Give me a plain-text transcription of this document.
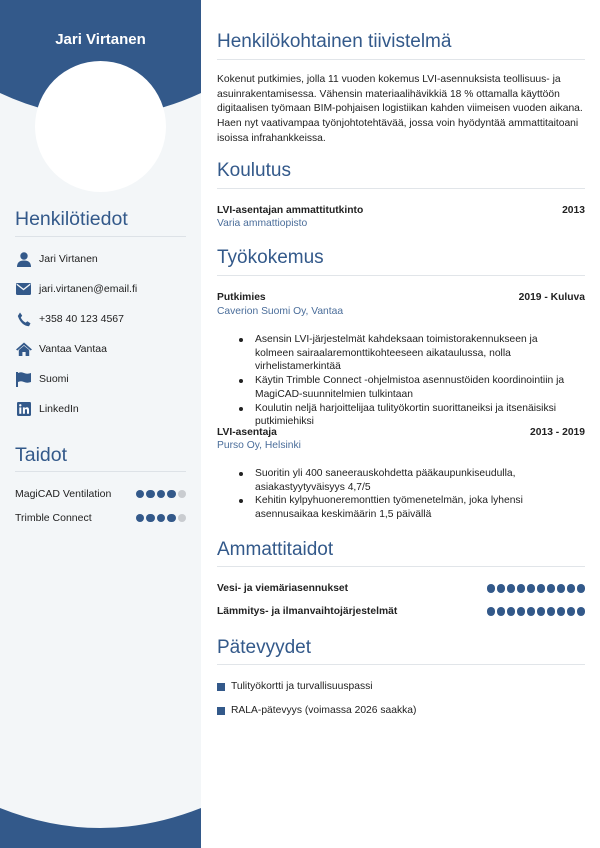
Jari Virtanen
Henkilötiedot
Jari Virtanen
jari.virtanen@email.fi
+358 40 123 4567
Vantaa Vantaa
Suomi
LinkedIn
Taidot
MagiCAD Ventilation
Trimble Connect
Henkilökohtainen tiivistelmä
Kokenut putkimies, jolla 11 vuoden kokemus LVI-asennuksista teollisuus- ja asuinrakentamisessa. Vähensin materiaalihävikkiä 18 % ottamalla käyttöön digitaalisen työmaan BIM-pohjaisen logistiikan kahden viimeisen vuoden aikana. Haen nyt vaativampaa työnjohtotehtävää, jossa voin hyödyntää ammattitaitoani isoissa infrahankkeissa.
Koulutus
LVI-asentajan ammattitutkinto	2013
Varia ammattiopisto
Työkokemus
Putkimies	2019 - Kuluva
Caverion Suomi Oy, Vantaa
Asensin LVI-järjestelmät kahdeksaan toimistorakennukseen ja kolmeen sairaalaremonttikohteeseen aikataulussa, nolla virhelistamerkintää
Käytin Trimble Connect -ohjelmistoa asennustöiden koordinointiin ja MagiCAD-suunnitelmien tulkintaan
Koulutin neljä harjoittelijaa tulityökortin suorittaneiksi ja itsenäisiksi putkimiehiksi
LVI-asentaja	2013 - 2019
Purso Oy, Helsinki
Suoritin yli 400 saneerauskohdetta pääkaupunkiseudulla, asiakastyytyväisyys 4,7/5
Kehitin kylpyhuoneremonttien työmenetelmän, joka lyhensi asennusaikaa keskimäärin 1,5 päivällä
Ammattitaidot
Vesi- ja viemäriasennukset
Lämmitys- ja ilmanvaihtojärjestelmät
Pätevyydet
Tulityökortti ja turvallisuuspassi
RALA-pätevyys (voimassa 2026 saakka)
